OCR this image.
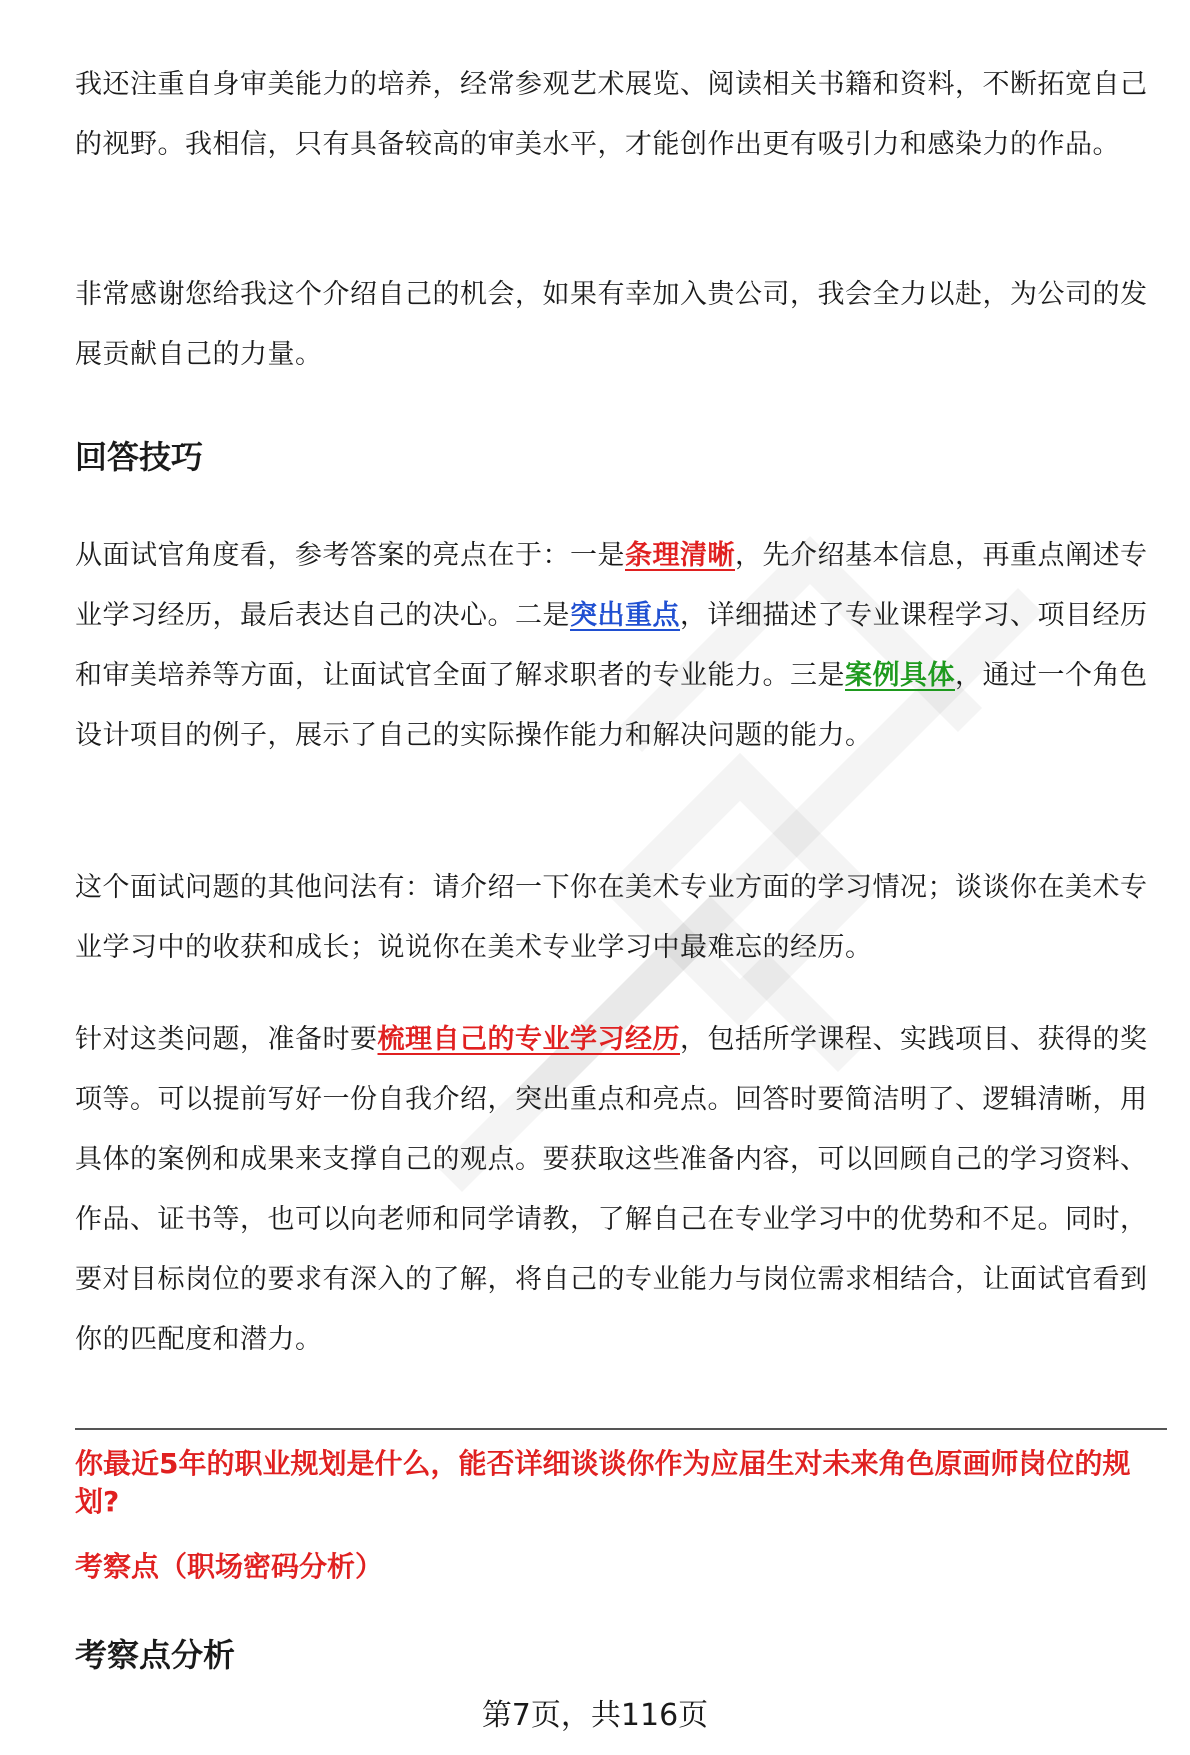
我还注重自身审美能力的培养，经常参观艺术展览、阅读相关书籍和资料，不断拓宽自己的视野。我相信，只有具备较高的审美水平，才能创作出更有吸引力和感染力的作品。

非常感谢您给我这个介绍自己的机会，如果有幸加入贵公司，我会全力以赴，为公司的发展贡献自己的力量。

回答技巧

从面试官角度看，参考答案的亮点在于：一是条理清晰，先介绍基本信息，再重点阐述专业学习经历，最后表达自己的决心。二是突出重点，详细描述了专业课程学习、项目经历和审美培养等方面，让面试官全面了解求职者的专业能力。三是案例具体，通过一个角色设计项目的例子，展示了自己的实际操作能力和解决问题的能力。

这个面试问题的其他问法有：请介绍一下你在美术专业方面的学习情况；谈谈你在美术专业学习中的收获和成长；说说你在美术专业学习中最难忘的经历。

针对这类问题，准备时要梳理自己的专业学习经历，包括所学课程、实践项目、获得的奖项等。可以提前写好一份自我介绍，突出重点和亮点。回答时要简洁明了、逻辑清晰，用具体的案例和成果来支撑自己的观点。要获取这些准备内容，可以回顾自己的学习资料、作品、证书等，也可以向老师和同学请教，了解自己在专业学习中的优势和不足。同时，要对目标岗位的要求有深入的了解，将自己的专业能力与岗位需求相结合，让面试官看到你的匹配度和潜力。

你最近5年的职业规划是什么，能否详细谈谈你作为应届生对未来角色原画师岗位的规划?

考察点（职场密码分析）

考察点分析

第7页，共116页
